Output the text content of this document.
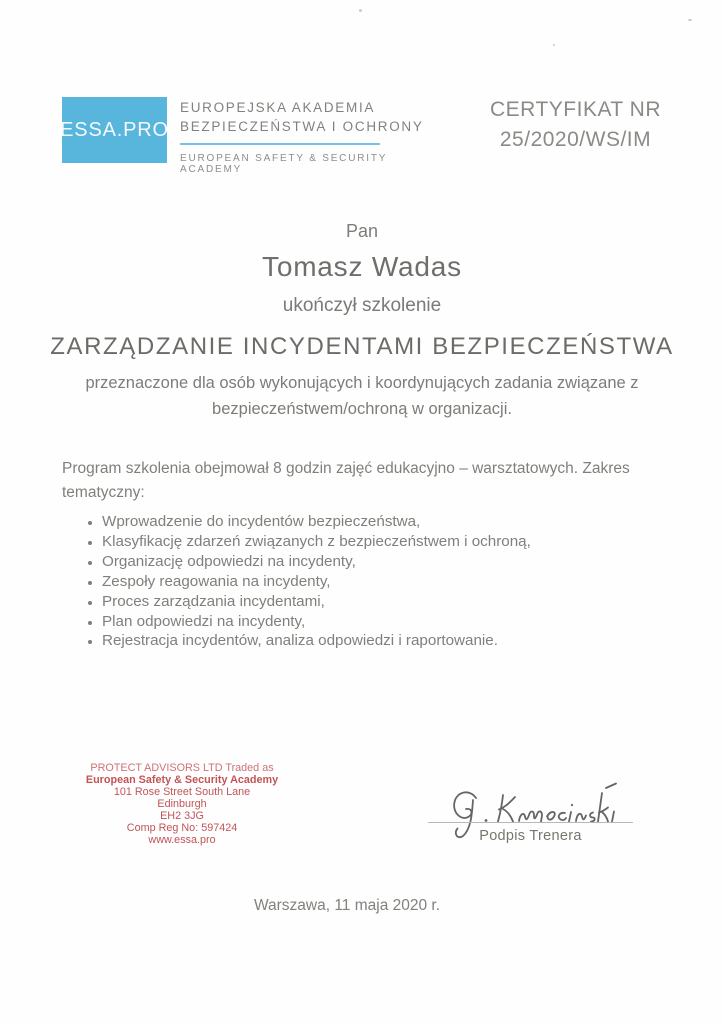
ESSA.PRO
EUROPEJSKA AKADEMIA
BEZPIECZEŃSTWA I OCHRONY
EUROPEAN SAFETY & SECURITY ACADEMY
CERTYFIKAT NR
25/2020/WS/IM
Pan
Tomasz Wadas
ukończył szkolenie
ZARZĄDZANIE INCYDENTAMI BEZPIECZEŃSTWA
przeznaczone dla osób wykonujących i koordynujących zadania związane z bezpieczeństwem/ochroną w organizacji.
Program szkolenia obejmował 8 godzin zajęć edukacyjno – warsztatowych. Zakres tematyczny:
• Wprowadzenie do incydentów bezpieczeństwa,
• Klasyfikację zdarzeń związanych z bezpieczeństwem i ochroną,
• Organizację odpowiedzi na incydenty,
• Zespoły reagowania na incydenty,
• Proces zarządzania incydentami,
• Plan odpowiedzi na incydenty,
• Rejestracja incydentów, analiza odpowiedzi i raportowanie.
PROTECT ADVISORS LTD Traded as
European Safety & Security Academy
101 Rose Street South Lane
Edinburgh
EH2 3JG
Comp Reg No: 597424
www.essa.pro	Podpis Trenera
Warszawa, 11 maja 2020 r.
